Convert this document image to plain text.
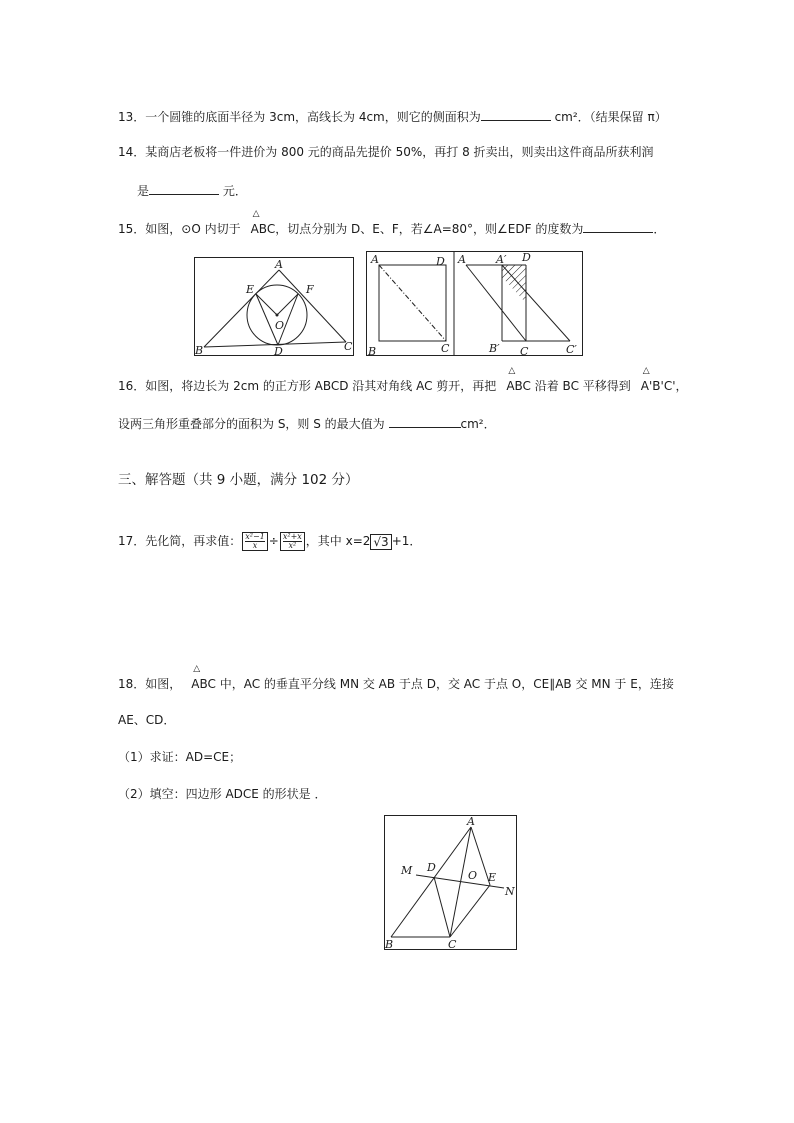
13．一个圆锥的底面半径为 3cm，高线长为 4cm，则它的侧面积为	cm²．（结果保留 π）
14．某商店老板将一件进价为 800 元的商品先提价 50%，再打 8 折卖出，则卖出这件商品所获利润
是	元．
15．如图，⊙O 内切于
△
ABC，切点分别为 D、E、F，若∠A=80°，则∠EDF 的度数为	．
A
E	F
O
B	D	C
A	D
B	C
A	A′ D
B′ C	C′
16．如图，将边长为 2cm 的正方形 ABCD 沿其对角线 AC 剪开，再把
△
ABC 沿着 BC 平移得到
△
A'B'C'，
设两三角形重叠部分的面积为 S，则 S 的最大值为	cm²．
三、解答题（共 9 小题，满分 102 分）
17．先化简，再求值： $\frac{\text{x²−1}}{x} \div \frac{\text{x²+x}}{\text{x²}}$ ，其中 x=2 √3 +1．
18．如图，
△
ABC 中，AC 的垂直平分线 MN 交 AB 于点 D，交 AC 于点 O，CE∥AB 交 MN 于 E，连接
AE、CD．
（1）求证：AD=CE；
（2）填空：四边形 ADCE 的形状是 ．
A
M D
O E
N
B	C
